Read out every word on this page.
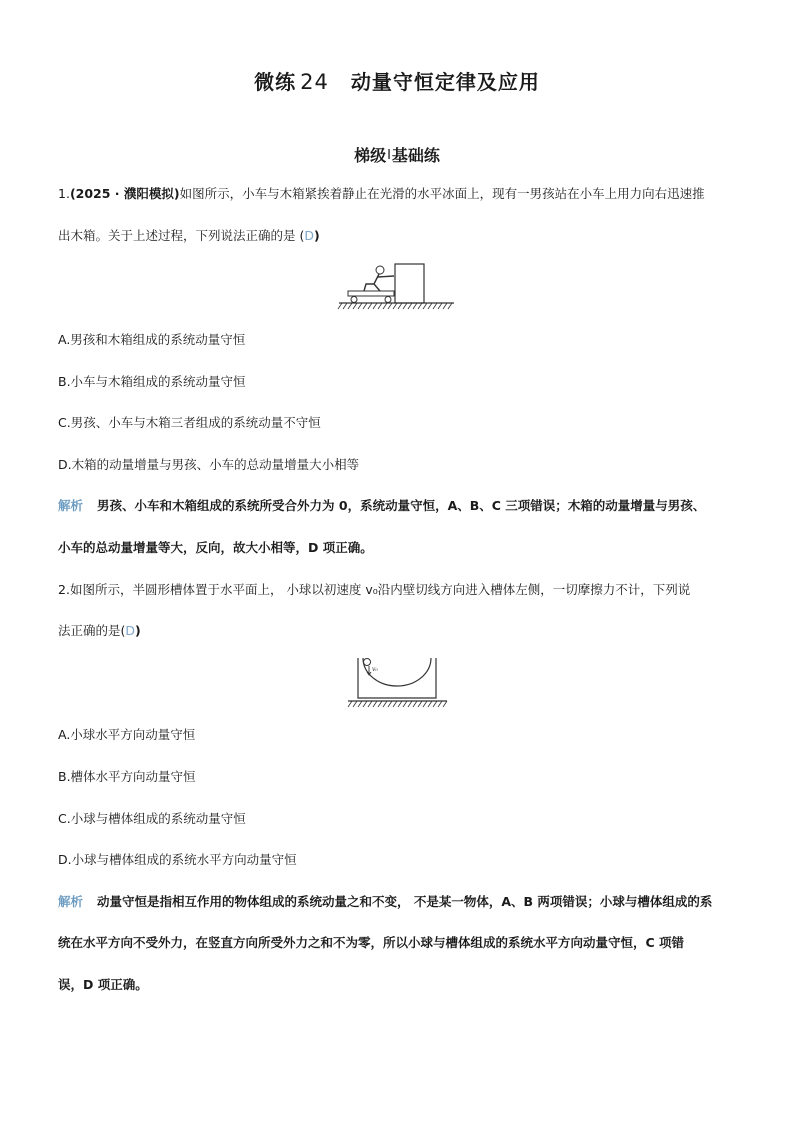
微练 24 动量守恒定律及应用
梯级I基础练
1.(2025 · 濮阳模拟)如图所示，小车与木箱紧挨着静止在光滑的水平冰面上，现有一男孩站在小车上用力向右迅速推
出木箱。关于上述过程，下列说法正确的是 (D)
A.男孩和木箱组成的系统动量守恒
B.小车与木箱组成的系统动量守恒
C.男孩、小车与木箱三者组成的系统动量不守恒
D.木箱的动量增量与男孩、小车的总动量增量大小相等
解析 男孩、小车和木箱组成的系统所受合外力为 0，系统动量守恒，A、B、C 三项错误；木箱的动量增量与男孩、
小车的总动量增量等大，反向，故大小相等，D 项正确。
2.如图所示，半圆形槽体置于水平面上， 小球以初速度 v₀沿内壁切线方向进入槽体左侧，一切摩擦力不计，下列说
法正确的是(D)
v₀
A.小球水平方向动量守恒
B.槽体水平方向动量守恒
C.小球与槽体组成的系统动量守恒
D.小球与槽体组成的系统水平方向动量守恒
解析 动量守恒是指相互作用的物体组成的系统动量之和不变， 不是某一物体，A、B 两项错误；小球与槽体组成的系
统在水平方向不受外力，在竖直方向所受外力之和不为零，所以小球与槽体组成的系统水平方向动量守恒，C 项错
误，D 项正确。
